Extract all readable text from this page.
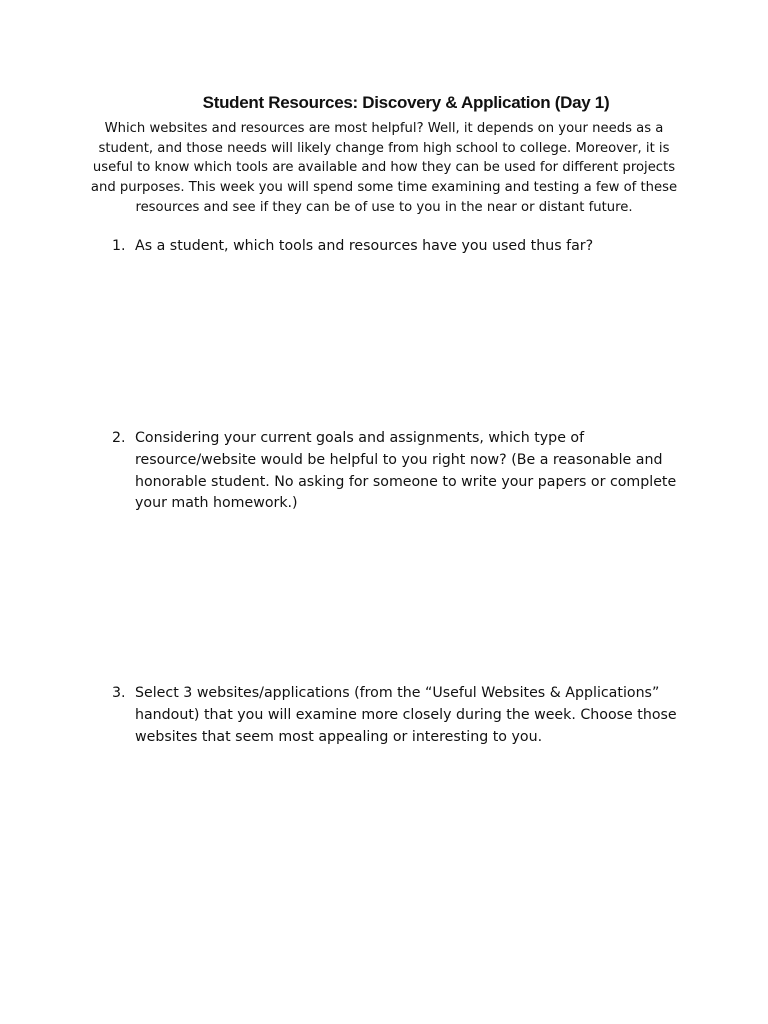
Student Resources: Discovery & Application (Day 1)
Which websites and resources are most helpful? Well, it depends on your needs as a
student, and those needs will likely change from high school to college. Moreover, it is
useful to know which tools are available and how they can be used for different projects
and purposes. This week you will spend some time examining and testing a few of these
resources and see if they can be of use to you in the near or distant future.
1. As a student, which tools and resources have you used thus far?
2. Considering your current goals and assignments, which type of
resource/website would be helpful to you right now? (Be a reasonable and
honorable student. No asking for someone to write your papers or complete
your math homework.)
3. Select 3 websites/applications (from the “Useful Websites & Applications”
handout) that you will examine more closely during the week. Choose those
websites that seem most appealing or interesting to you.
